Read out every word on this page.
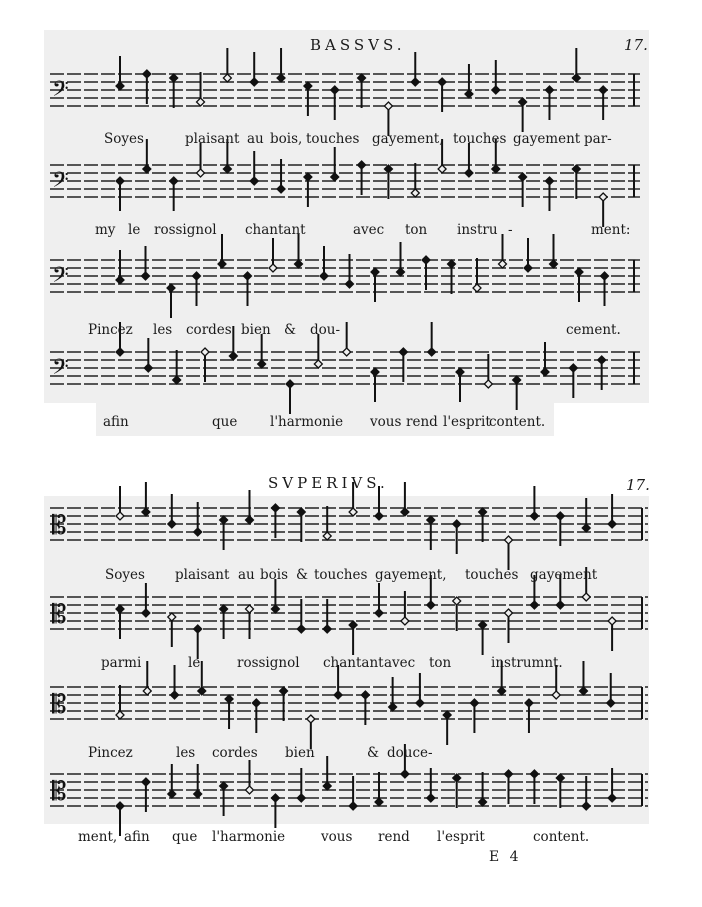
BASSVS.	17.
SVPERIVS.	17.
𝄢
𝄢
𝄢
𝄢
𝄡
𝄡
𝄡
𝄡
Soyes	plaisant au bois, touches gayement, touches gayement par-
my le rossignol chantant	avec ton instru -	ment:
Pincez les cordes bien & dou-	cement.
afin	que l'harmonie vous rend l'esprit
content.
Soyes plaisant au bois & touches gayement, touches gayement
parmi	le	rossignol chantant avec ton	instrumnt.
Pincez	les cordes bien	& douce-
ment, afin que l'harmonie	vous rend l'esprit	content.
E 4
